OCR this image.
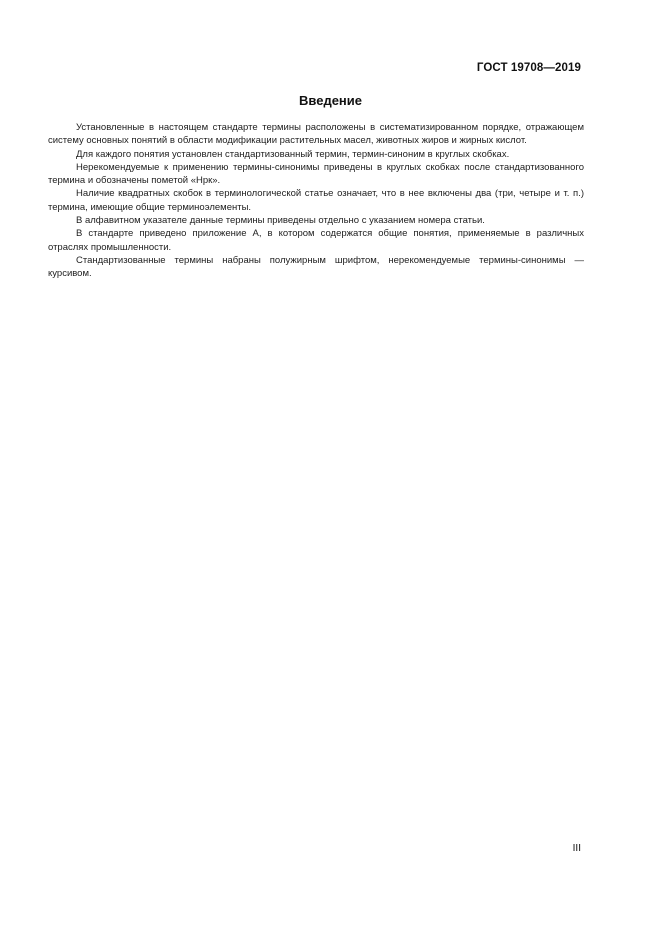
ГОСТ 19708—2019
Введение

Установленные в настоящем стандарте термины расположены в систематизированном порядке, отражающем систему основных понятий в области модификации растительных масел, животных жиров и жирных кислот.

Для каждого понятия установлен стандартизованный термин, термин-синоним в круглых скобках.

Нерекомендуемые к применению термины-синонимы приведены в круглых скобках после стандартизованного термина и обозначены пометой «Нрк».

Наличие квадратных скобок в терминологической статье означает, что в нее включены два (три, четыре и т. п.) термина, имеющие общие терминоэлементы.

В алфавитном указателе данные термины приведены отдельно с указанием номера статьи.

В стандарте приведено приложение А, в котором содержатся общие понятия, применяемые в различных отраслях промышленности.

Стандартизованные термины набраны полужирным шрифтом, нерекомендуемые термины-синонимы — курсивом.

III
